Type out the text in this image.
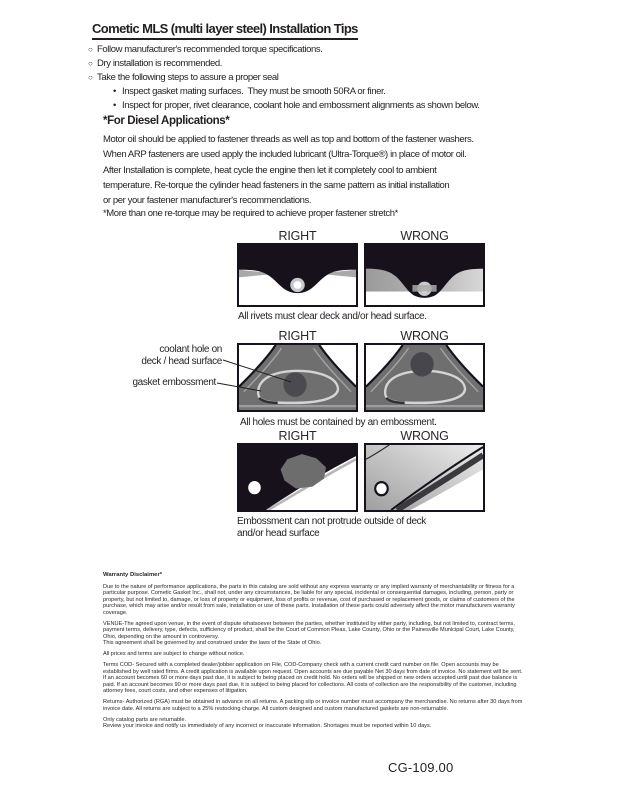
Cometic MLS (multi layer steel) Installation Tips
○ Follow manufacturer's recommended torque specifications.
○ Dry installation is recommended.
○ Take the following steps to assure a proper seal
• Inspect gasket mating surfaces.  They must be smooth 50RA or finer.
• Inspect for proper, rivet clearance, coolant hole and embossment alignments as shown below.
*For Diesel Applications*
Motor oil should be applied to fastener threads as well as top and bottom of the fastener washers.
When ARP fasteners are used apply the included lubricant (Ultra-Torque®) in place of motor oil.
After Installation is complete, heat cycle the engine then let it completely cool to ambient
temperature. Re-torque the cylinder head fasteners in the same pattern as initial installation
or per your fastener manufacturer's recommendations.
*More than one re-torque may be required to achieve proper fastener stretch*
RIGHT	WRONG
All rivets must clear deck and/or head surface.
RIGHT	WRONG
coolant hole on
deck / head surface
gasket embossment
All holes must be contained by an embossment.
RIGHT	WRONG
Embossment can not protrude outside of deck
and/or head surface
Warranty Disclaimer*

Due to the nature of performance applications, the parts in this catalog are sold without any express warranty or any implied warranty of merchantability or fitness for a particular purpose. Cometic Gasket Inc., shall not, under any circumstances, be liable for any special, incidental or consequential damages, including, person, party or property, but not limited to, damage, or loss of property or equipment, loss of profits or revenue, cost of purchased or replacement goods, or claims of customers of the purchase, which may arise and/or result from sale, installation or use of these parts. Installation of these parts could adversely affect the motor manufacturers warranty coverage.

VENUE-The agreed upon venue, in the event of dispute whatsoever between the parties, whether instituted by either party, including, but not limited to, contract terms, payment terms, delivery, type, defects, sufficiency of product, shall be the Court of Common Pleas, Lake County, Ohio or the Painesville Municipal Court, Lake County, Ohio, depending on the amount in controversy.
This agreement shall be governed by and construed under the laws of the State of Ohio.

All prices and terms are subject to change without notice.

Terms COD- Secured with a completed dealer/jobber application on File, COD-Company check with a current credit card number on file. Open accounts may be established by well rated firms. A credit application is available upon request. Open accounts are due payable Net 30 days from date of invoice. No statement will be sent. If an account becomes 60 or more days past due, it is subject to being placed on credit hold. No orders will be shipped or new orders accepted until past due balance is paid. If an account becomes 90 or more days past due, it is subject to being placed for collections. All costs of collection are the responsibility of the customer, including attorney fees, court costs, and other expenses of litigation.

Returns- Authorized (RGA) must be obtained in advance on all returns. A packing slip or invoice number must accompany the merchandise. No returns after 30 days from invoice date. All returns are subject to a 25% restocking charge. All custom designed and custom manufactured gaskets are non-returnable.

Only catalog parts are returnable.
Review your invoice and notify us immediately of any incorrect or inaccurate information. Shortages must be reported within 10 days.

CG-109.00
